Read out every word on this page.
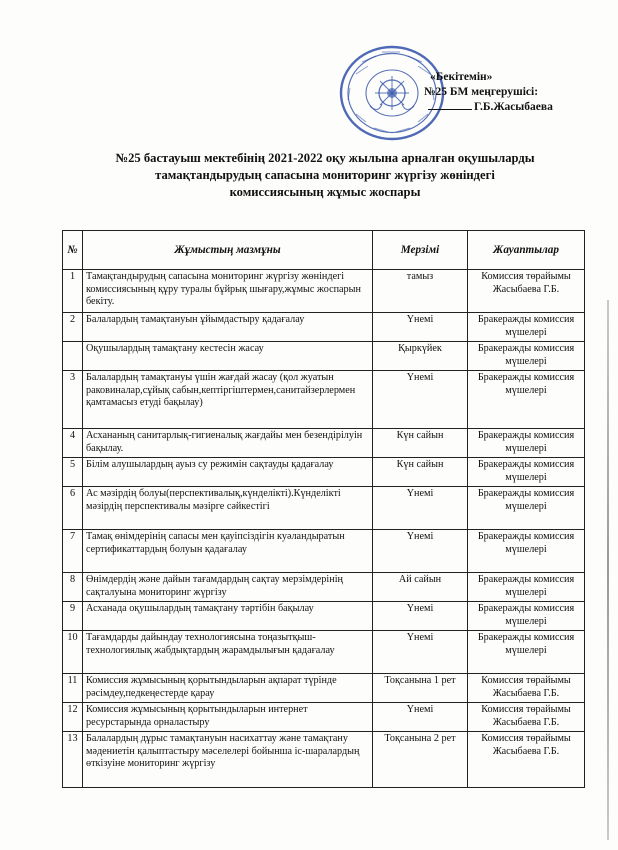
«Бекітемін»
№25 БМ меңгерушісі:
Г.Б.Жасыбаева
№25 бастауыш мектебінің 2021-2022 оқу жылына арналған оқушыларды
тамақтандырудың сапасына мониторинг жүргізу жөніндегі
комиссиясының жұмыс жоспары
№	Жұмыстың мазмұны	Мерзімі	Жауаптылар
1	Тамақтандырудың сапасына мониторинг жүргізу жөніндегі комиссиясының құру туралы бұйрық шығару,жұмыс жоспарын бекіту.	тамыз	Комиссия төрайымы Жасыбаева Г.Б.
2	Балалардың тамақтануын ұйымдастыру қадағалау	Үнемі	Бракеражды комиссия мүшелері
	Оқушылардың тамақтану кестесін жасау	Қыркүйек	Бракеражды комиссия мүшелері
3	Балалардың тамақтануы үшін жағдай жасау (қол жуатын раковиналар,сұйық сабын,кептіргіштермен,санитайзерлермен қамтамасыз етуді бақылау)	Үнемі	Бракеражды комиссия мүшелері
4	Асхананың санитарлық-гигиеналық жағдайы мен безендірілуін бақылау.	Күн сайын	Бракеражды комиссия мүшелері
5	Білім алушылардың ауыз су режимін сақтауды қадағалау	Күн сайын	Бракеражды комиссия мүшелері
6	Ас мәзірдің болуы(перспективалық,күнделікті).Күнделікті мәзірдің перспективалы мәзірге сәйкестігі	Үнемі	Бракеражды комиссия мүшелері
7	Тамақ өнімдерінің сапасы мен қауіпсіздігін куәландыратын сертификаттардың болуын қадағалау	Үнемі	Бракеражды комиссия мүшелері
8	Өнімдердің және дайын тағамдардың сақтау мерзімдерінің сақталуына мониторинг жүргізу	Ай сайын	Бракеражды комиссия мүшелері
9	Асханада оқушылардың тамақтану тәртібін бақылау	Үнемі	Бракеражды комиссия мүшелері
10	Тағамдарды дайындау технологиясына тоңазытқыш-технологиялық жабдықтардың жарамдылығын қадағалау	Үнемі	Бракеражды комиссия мүшелері
11	Комиссия жұмысының қорытындыларын ақпарат түрінде рәсімдеу,педкеңестерде қарау	Тоқсанына 1 рет	Комиссия төрайымы Жасыбаева Г.Б.
12	Комиссия жұмысының қорытындыларын интернет ресурстарында орналастыру	Үнемі	Комиссия төрайымы Жасыбаева Г.Б.
13	Балалардың дұрыс тамақтануын насихаттау және тамақтану мәдениетін қалыптастыру мәселелері бойынша іс-шаралардың өткізуіне мониторинг жүргізу	Тоқсанына 2 рет	Комиссия төрайымы Жасыбаева Г.Б.
